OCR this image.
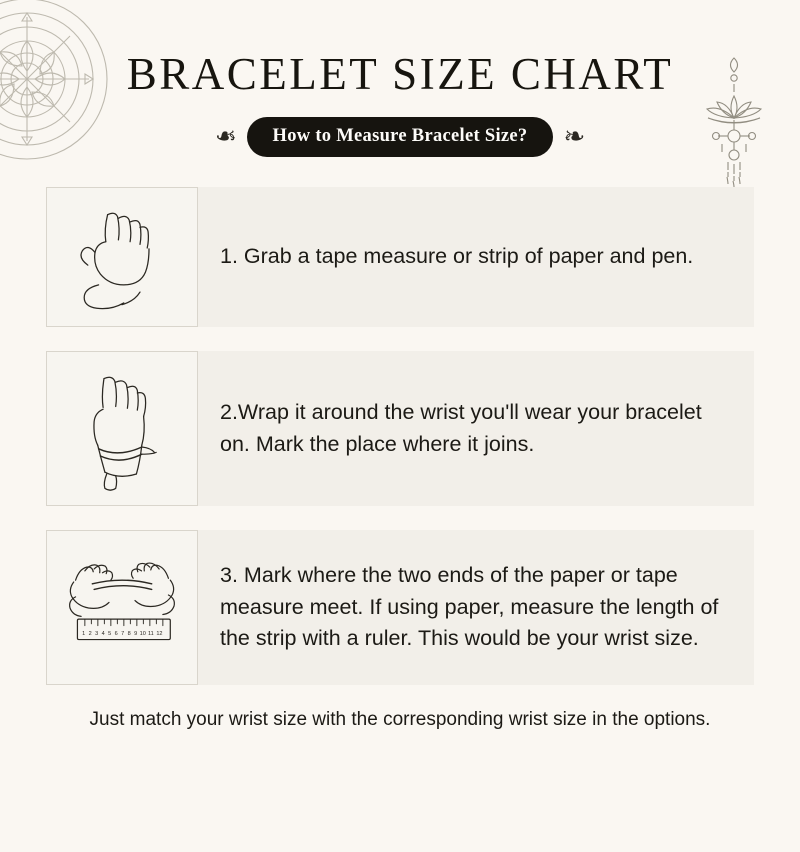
BRACELET SIZE CHART
❧	How to Measure Bracelet Size?	❧
1. Grab a tape measure or strip of paper and pen.
2.Wrap it around the wrist you'll wear your bracelet on. Mark the place where it joins.
1 2 3 4 5 6 7 8 9 10 11 12
3. Mark where the two ends of the paper or tape measure meet. If using paper, measure the length of the strip with a ruler. This would be your wrist size.
Just match your wrist size with the corresponding wrist size in the options.
